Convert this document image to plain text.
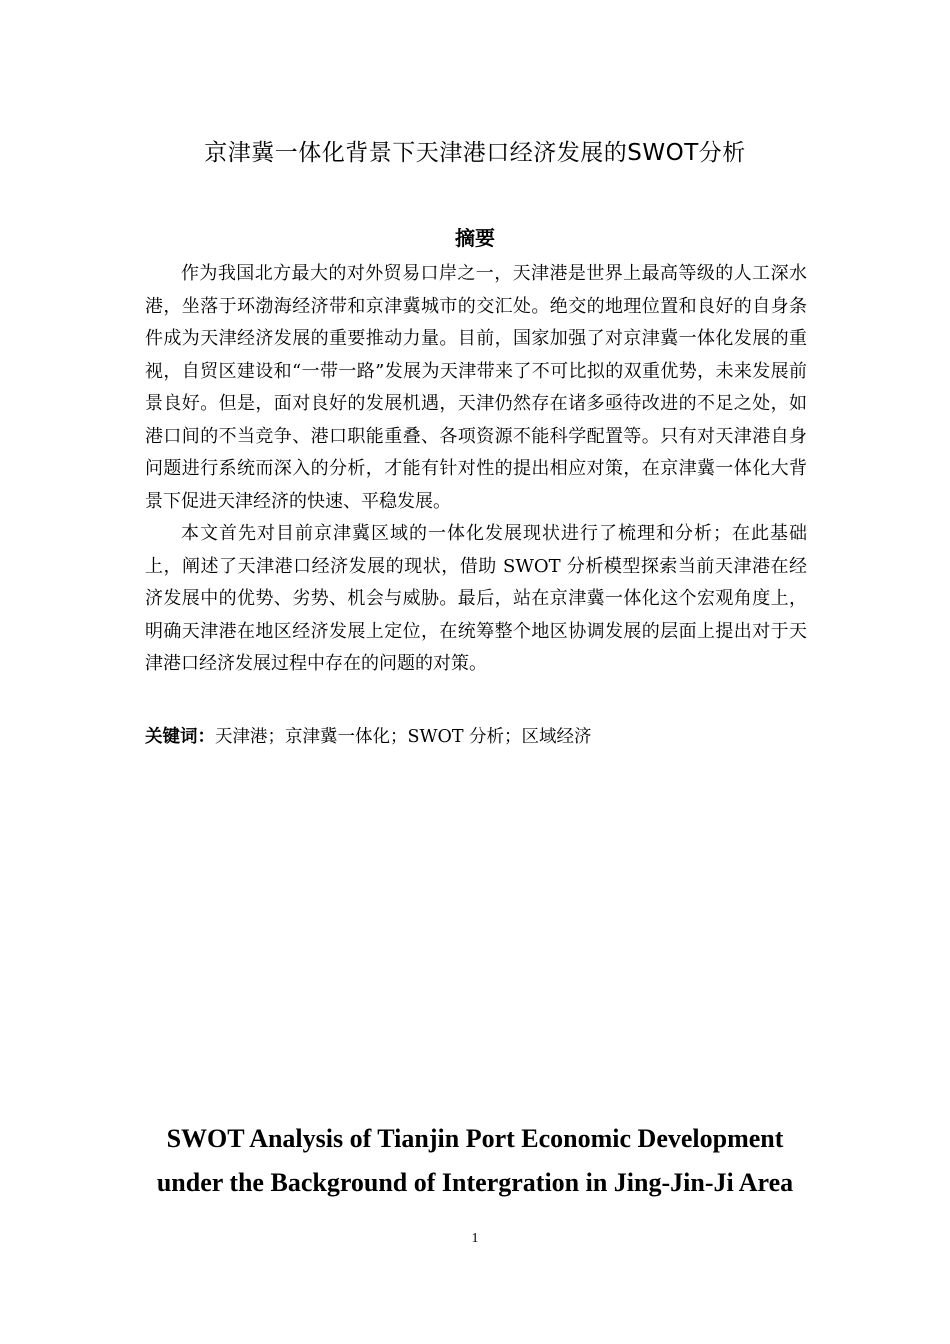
京津冀一体化背景下天津港口经济发展的SWOT分析
摘要

作为我国北方最大的对外贸易口岸之一，天津港是世界上最高等级的人工深水港，坐落于环渤海经济带和京津冀城市的交汇处。绝交的地理位置和良好的自身条件成为天津经济发展的重要推动力量。目前，国家加强了对京津冀一体化发展的重视，自贸区建设和“一带一路”发展为天津带来了不可比拟的双重优势，未来发展前景良好。但是，面对良好的发展机遇，天津仍然存在诸多亟待改进的不足之处，如港口间的不当竞争、港口职能重叠、各项资源不能科学配置等。只有对天津港自身问题进行系统而深入的分析，才能有针对性的提出相应对策，在京津冀一体化大背景下促进天津经济的快速、平稳发展。

本文首先对目前京津冀区域的一体化发展现状进行了梳理和分析；在此基础上，阐述了天津港口经济发展的现状，借助 SWOT 分析模型探索当前天津港在经济发展中的优势、劣势、机会与威胁。最后，站在京津冀一体化这个宏观角度上，明确天津港在地区经济发展上定位，在统筹整个地区协调发展的层面上提出对于天津港口经济发展过程中存在的问题的对策。

关键词：天津港；京津冀一体化；SWOT 分析；区域经济
SWOT Analysis of Tianjin Port Economic Development
under the Background of Intergration in Jing-Jin-Ji Area
1
